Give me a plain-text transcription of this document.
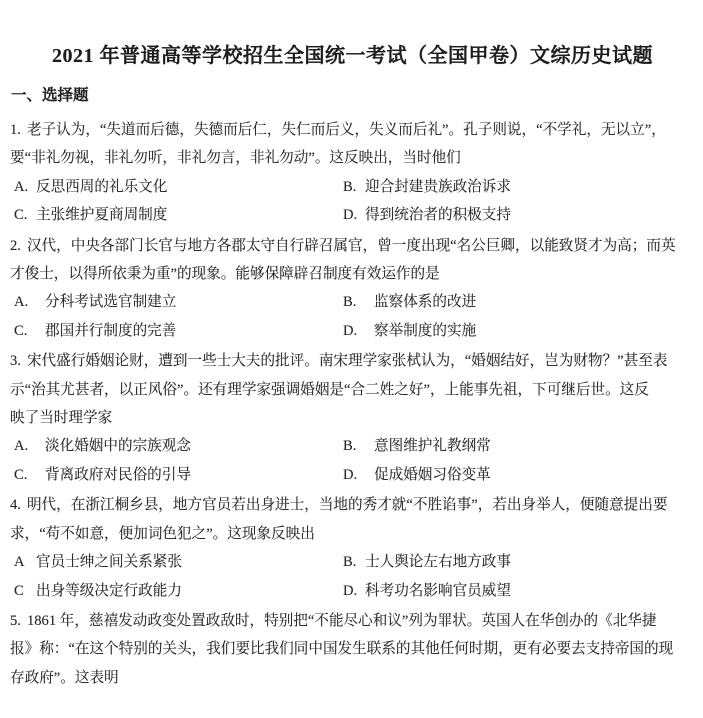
2021 年普通高等学校招生全国统一考试（全国甲卷）文综历史试题
一、选择题
1. 老子认为，“失道而后德，失德而后仁，失仁而后义，失义而后礼”。孔子则说，“不学礼，无以立”，
要“非礼勿视，非礼勿听，非礼勿言，非礼勿动”。这反映出，当时他们
A. 反思西周的礼乐文化	B. 迎合封建贵族政治诉求
C. 主张维护夏商周制度	D. 得到统治者的积极支持
2. 汉代，中央各部门长官与地方各郡太守自行辟召属官，曾一度出现“名公巨卿，以能致贤才为高；而英
才俊士，以得所依秉为重”的现象。能够保障辟召制度有效运作的是
A. 分科考试选官制建立	B. 监察体系的改进
C. 郡国并行制度的完善	D. 察举制度的实施
3. 宋代盛行婚姻论财，遭到一些士大夫的批评。南宋理学家张栻认为，“婚姻结好，岂为财物？”甚至表
示“治其尤甚者，以正风俗”。还有理学家强调婚姻是“合二姓之好”，上能事先祖，下可继后世。这反
映了当时理学家
A. 淡化婚姻中的宗族观念	B. 意图维护礼教纲常
C. 背离政府对民俗的引导	D. 促成婚姻习俗变革
4. 明代，在浙江桐乡县，地方官员若出身进士，当地的秀才就“不胜谄事”，若出身举人，便随意提出要
求，“苟不如意，便加词色犯之”。这现象反映出
A 官员士绅之间关系紧张	B. 士人舆论左右地方政事
C 出身等级决定行政能力	D. 科考功名影响官员威望
5. 1861 年，慈禧发动政变处置政敌时，特别把“不能尽心和议”列为罪状。英国人在华创办的《北华捷
报》称：“在这个特别的关头，我们要比我们同中国发生联系的其他任何时期，更有必要去支持帝国的现
存政府”。这表明
